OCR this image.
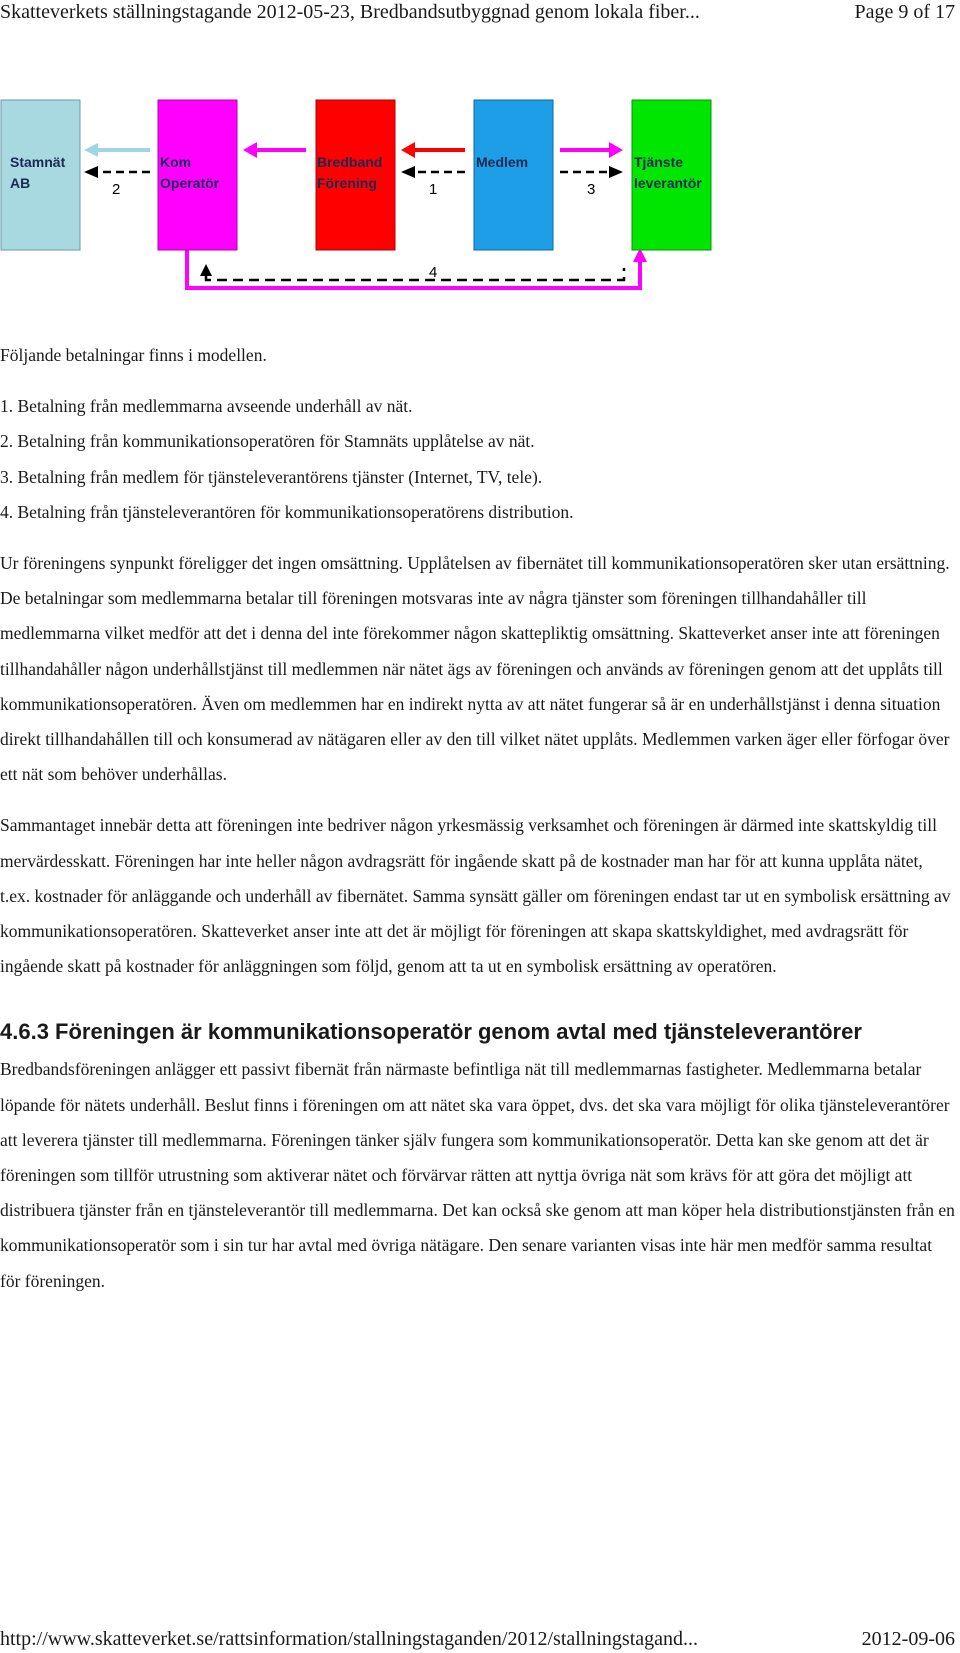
Skatteverkets ställningstagande 2012-05-23, Bredbandsutbyggnad genom lokala fiber...	Page 9 of 17
Stamnät
AB
Kom
Operatör
Bredband
Förening
Medlem	Tjänste
leverantör
2	1	3
4

Följande betalningar finns i modellen.

1. Betalning från medlemmarna avseende underhåll av nät.

2. Betalning från kommunikationsoperatören för Stamnäts upplåtelse av nät.

3. Betalning från medlem för tjänsteleverantörens tjänster (Internet, TV, tele).

4. Betalning från tjänsteleverantören för kommunikationsoperatörens distribution.

Ur föreningens synpunkt föreligger det ingen omsättning. Upplåtelsen av fibernätet till kommunikationsoperatören sker utan ersättning. De betalningar som medlemmarna betalar till föreningen motsvaras inte av några tjänster som föreningen tillhandahåller till medlemmarna vilket medför att det i denna del inte förekommer någon skattepliktig omsättning. Skatteverket anser inte att föreningen tillhandahåller någon underhållstjänst till medlemmen när nätet ägs av föreningen och används av föreningen genom att det upplåts till kommunikationsoperatören. Även om medlemmen har en indirekt nytta av att nätet fungerar så är en underhållstjänst i denna situation direkt tillhandahållen till och konsumerad av nätägaren eller av den till vilket nätet upplåts. Medlemmen varken äger eller förfogar över ett nät som behöver underhållas.

Sammantaget innebär detta att föreningen inte bedriver någon yrkesmässig verksamhet och föreningen är därmed inte skattskyldig till mervärdesskatt. Föreningen har inte heller någon avdragsrätt för ingående skatt på de kostnader man har för att kunna upplåta nätet, t.ex. kostnader för anläggande och underhåll av fibernätet. Samma synsätt gäller om föreningen endast tar ut en symbolisk ersättning av kommunikationsoperatören. Skatteverket anser inte att det är möjligt för föreningen att skapa skattskyldighet, med avdragsrätt för ingående skatt på kostnader för anläggningen som följd, genom att ta ut en symbolisk ersättning av operatören.

4.6.3 Föreningen är kommunikationsoperatör genom avtal med tjänsteleverantörer

Bredbandsföreningen anlägger ett passivt fibernät från närmaste befintliga nät till medlemmarnas fastigheter. Medlemmarna betalar löpande för nätets underhåll. Beslut finns i föreningen om att nätet ska vara öppet, dvs. det ska vara möjligt för olika tjänsteleverantörer att leverera tjänster till medlemmarna. Föreningen tänker själv fungera som kommunikationsoperatör. Detta kan ske genom att det är föreningen som tillför utrustning som aktiverar nätet och förvärvar rätten att nyttja övriga nät som krävs för att göra det möjligt att distribuera tjänster från en tjänsteleverantör till medlemmarna. Det kan också ske genom att man köper hela distributionstjänsten från en kommunikationsoperatör som i sin tur har avtal med övriga nätägare. Den senare varianten visas inte här men medför samma resultat för föreningen.

http://www.skatteverket.se/rattsinformation/stallningstaganden/2012/stallningstagand...	2012-09-06
